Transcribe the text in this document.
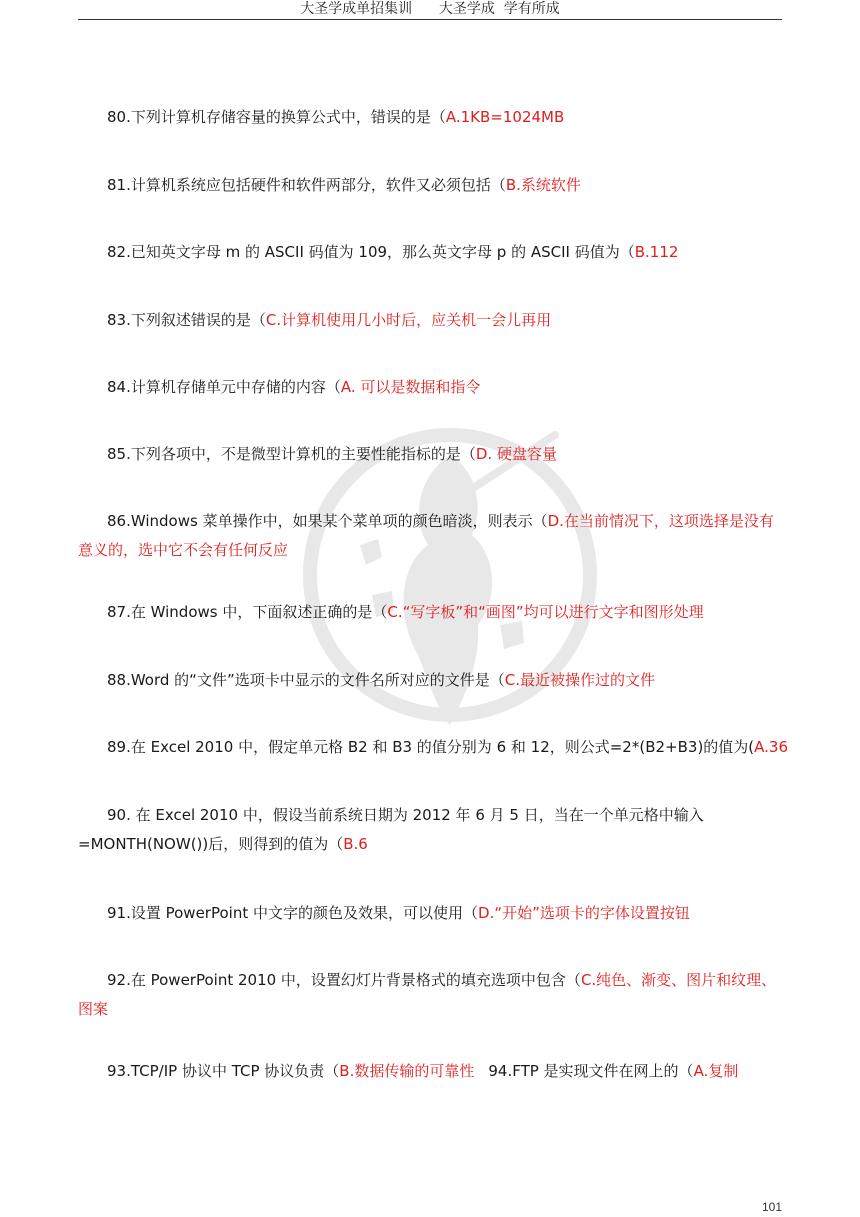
大圣学成单招集训 大圣学成  学有所成
80.下列计算机存储容量的换算公式中，错误的是（A.1KB=1024MB
81.计算机系统应包括硬件和软件两部分，软件又必须包括（B.系统软件
82.已知英文字母 m 的 ASCII 码值为 109，那么英文字母 p 的 ASCII 码值为（B.112
83.下列叙述错误的是（C.计算机使用几小时后，应关机一会儿再用
84.计算机存储单元中存储的内容（A. 可以是数据和指令
85.下列各项中，不是微型计算机的主要性能指标的是（D. 硬盘容量
86.Windows 菜单操作中，如果某个菜单项的颜色暗淡，则表示（D.在当前情况下，这项选择是没有意义的，选中它不会有任何反应
87.在 Windows 中，下面叙述正确的是（C.“写字板”和“画图”均可以进行文字和图形处理
88.Word 的“文件”选项卡中显示的文件名所对应的文件是（C.最近被操作过的文件
89.在 Excel 2010 中，假定单元格 B2 和 B3 的值分别为 6 和 12，则公式=2*(B2+B3)的值为(A.36
90. 在 Excel 2010 中，假设当前系统日期为 2012 年 6 月 5 日，当在一个单元格中输入=MONTH(NOW())后，则得到的值为（B.6
91.设置 PowerPoint 中文字的颜色及效果，可以使用（D.“开始”选项卡的字体设置按钮
92.在 PowerPoint 2010 中，设置幻灯片背景格式的填充选项中包含（C.纯色、渐变、图片和纹理、图案
93.TCP/IP 协议中 TCP 协议负责（B.数据传输的可靠性 94.FTP 是实现文件在网上的（A.复制
101
